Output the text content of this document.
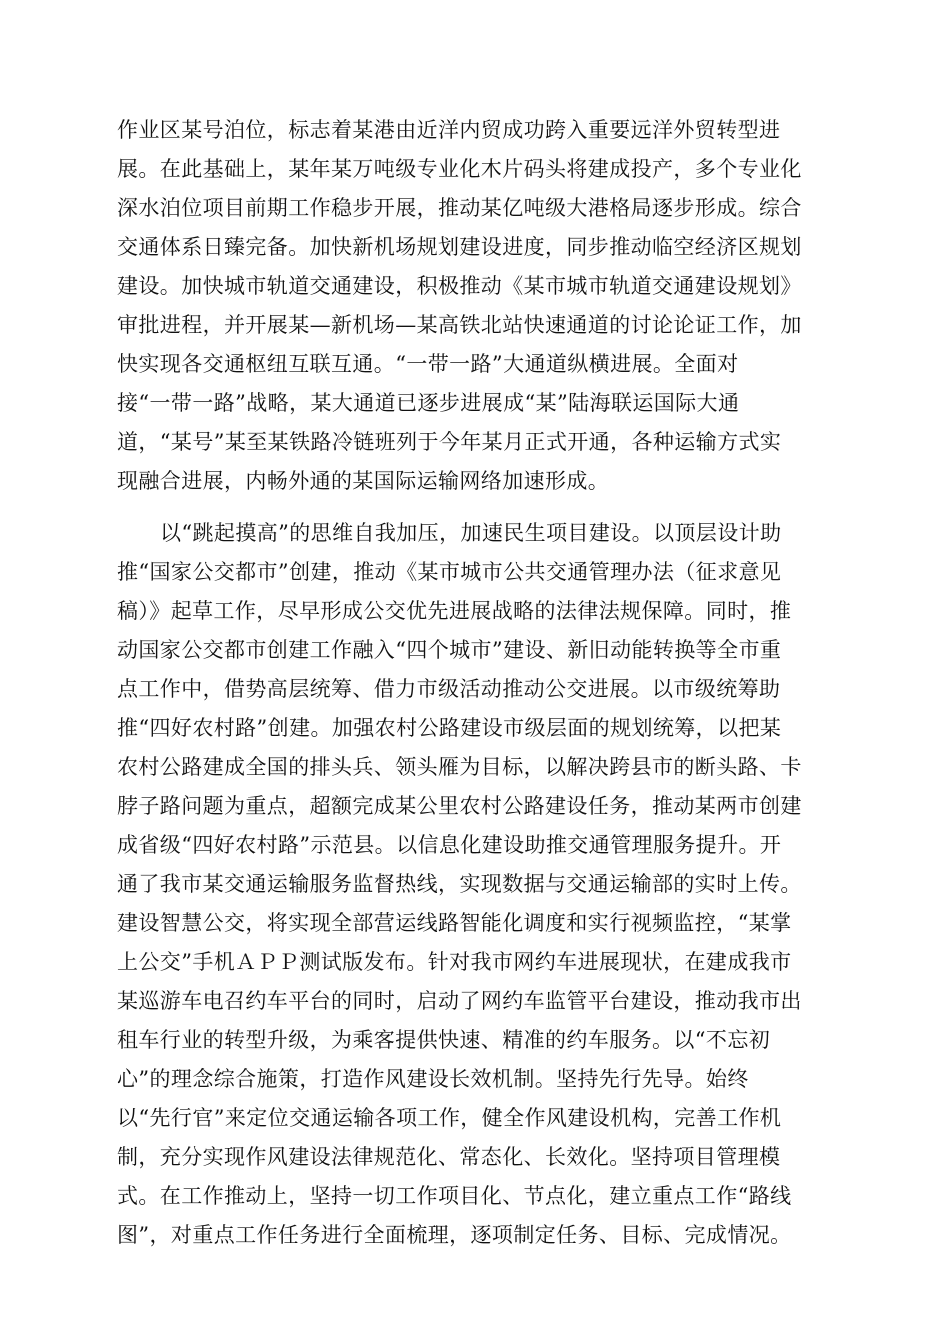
作业区某号泊位，标志着某港由近洋内贸成功跨入重要远洋外贸转型进
展。在此基础上，某年某万吨级专业化木片码头将建成投产，多个专业化
深水泊位项目前期工作稳步开展，推动某亿吨级大港格局逐步形成。综合
交通体系日臻完备。加快新机场规划建设进度，同步推动临空经济区规划
建设。加快城市轨道交通建设，积极推动《某市城市轨道交通建设规划》
审批进程，并开展某—新机场—某高铁北站快速通道的讨论论证工作，加
快实现各交通枢纽互联互通。“一带一路”大通道纵横进展。全面对
接“一带一路”战略，某大通道已逐步进展成“某”陆海联运国际大通
道，“某号”某至某铁路冷链班列于今年某月正式开通，各种运输方式实
现融合进展，内畅外通的某国际运输网络加速形成。
以“跳起摸高”的思维自我加压，加速民生项目建设。以顶层设计助
推“国家公交都市”创建，推动《某市城市公共交通管理办法（征求意见
稿）》起草工作，尽早形成公交优先进展战略的法律法规保障。同时，推
动国家公交都市创建工作融入“四个城市”建设、新旧动能转换等全市重
点工作中，借势高层统筹、借力市级活动推动公交进展。以市级统筹助
推“四好农村路”创建。加强农村公路建设市级层面的规划统筹，以把某
农村公路建成全国的排头兵、领头雁为目标，以解决跨县市的断头路、卡
脖子路问题为重点，超额完成某公里农村公路建设任务，推动某两市创建
成省级“四好农村路”示范县。以信息化建设助推交通管理服务提升。开
通了我市某交通运输服务监督热线，实现数据与交通运输部的实时上传。
建设智慧公交，将实现全部营运线路智能化调度和实行视频监控，“某掌
上公交”手机ＡＰＰ测试版发布。针对我市网约车进展现状，在建成我市
某巡游车电召约车平台的同时，启动了网约车监管平台建设，推动我市出
租车行业的转型升级，为乘客提供快速、精准的约车服务。以“不忘初
心”的理念综合施策，打造作风建设长效机制。坚持先行先导。始终
以“先行官”来定位交通运输各项工作，健全作风建设机构，完善工作机
制，充分实现作风建设法律规范化、常态化、长效化。坚持项目管理模
式。在工作推动上，坚持一切工作项目化、节点化，建立重点工作“路线
图”，对重点工作任务进行全面梳理，逐项制定任务、目标、完成情况。
